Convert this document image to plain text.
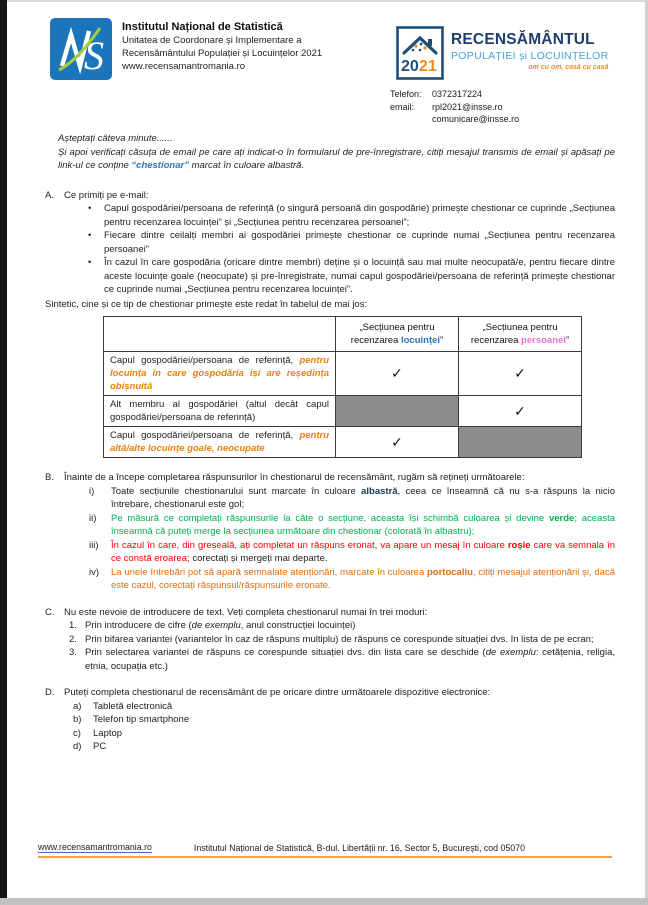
S
Institutul Național de Statistică
Unitatea de Coordonare și Implementare a
Recensământului Populației și Locuințelor 2021
www.recensamantromania.ro	20 21
RECENSĂMÂNTUL
POPULAȚIEI și LOCUINȚELOR
om cu om, casă cu casă
Telefon:	0372317224
email:	rpl2021@insse.ro
comunicare@insse.ro

Așteptați câteva minute......

Și apoi verificați căsuța de email pe care ați indicat-o în formularul de pre-înregistrare, citiți mesajul transmis de email și apăsați pe link-ul ce conține “chestionar” marcat în culoare albastră.

A.	Ce primiți pe e-mail:
•	Capul gospodăriei/persoana de referință (o singură persoană din gospodărie) primește chestionar ce cuprinde „Secțiunea pentru recenzarea locuinței” și „Secțiunea pentru recenzarea persoanei”;
•	Fiecare dintre ceilalți membri ai gospodăriei primește chestionar ce cuprinde numai „Secțiunea pentru recenzarea persoanei”
•	În cazul în care gospodăria (oricare dintre membri) deține și o locuință sau mai multe neocupată/e, pentru fiecare dintre aceste locuințe goale (neocupate) și pre-înregistrate, numai capul gospodăriei/persoana de referință primește chestionar ce cuprinde numai „Secțiunea pentru recenzarea locuinței”.
Sintetic, cine și ce tip de chestionar primește este redat în tabelul de mai jos:
	„Secțiunea pentru recenzarea locuinței”	„Secțiunea pentru recenzarea persoanei”
Capul gospodăriei/persoana de referință, pentru locuința în care gospodăria își are reședința obișnuită	✓	✓
Alt membru al gospodăriei (altul decât capul gospodăriei/persoana de referință)		✓
Capul gospodăriei/persoana de referință, pentru altă/alte locuințe goale, neocupate	✓	
B.	Înainte de a începe completarea răspunsurilor în chestionarul de recensământ, rugăm să rețineți următoarele:

i)	Toate secțiunile chestionarului sunt marcate în culoare albastră, ceea ce înseamnă că nu s-a răspuns la nicio întrebare, chestionarul este gol;
ii)	Pe măsură ce completați răspunsurile la câte o secțiune, aceasta își schimbă culoarea și devine verde; aceasta înseamnă că puteți merge la secțiunea următoare din chestionar (colorată în albastru);
iii)	În cazul în care, din greșeală, ați completat un răspuns eronat, va apare un mesaj în culoare roșie care va semnala în ce constă eroarea; corectați și mergeți mai departe.
iv)	La unele întrebări pot să apară semnalate atenționări, marcate în culoarea portocaliu, citiți mesajul atenționării și, dacă este cazul, corectați răspunsul/răspunsurile eronate.
C.	Nu este nevoie de introducere de text. Veți completa chestionarul numai în trei moduri:

1. Prin introducere de cifre (de exemplu, anul construcției locuinței)
2. Prin bifarea variantei (variantelor în caz de răspuns multiplu) de răspuns ce corespunde situației dvs. în lista de pe ecran;
3. Prin selectarea variantei de răspuns ce corespunde situației dvs. din lista care se deschide (de exemplu: cetățenia, religia, etnia, ocupația etc.)
D.	Puteți completa chestionarul de recensământ de pe oricare dintre următoarele dispozitive electronice:

a)	Tabletă electronică
b)	Telefon tip smartphone
c)	Laptop
d)	PC
www.recensamantromania.ro	Institutul Național de Statistică, B-dul. Libertății nr. 16, Sector 5, București, cod 05070
